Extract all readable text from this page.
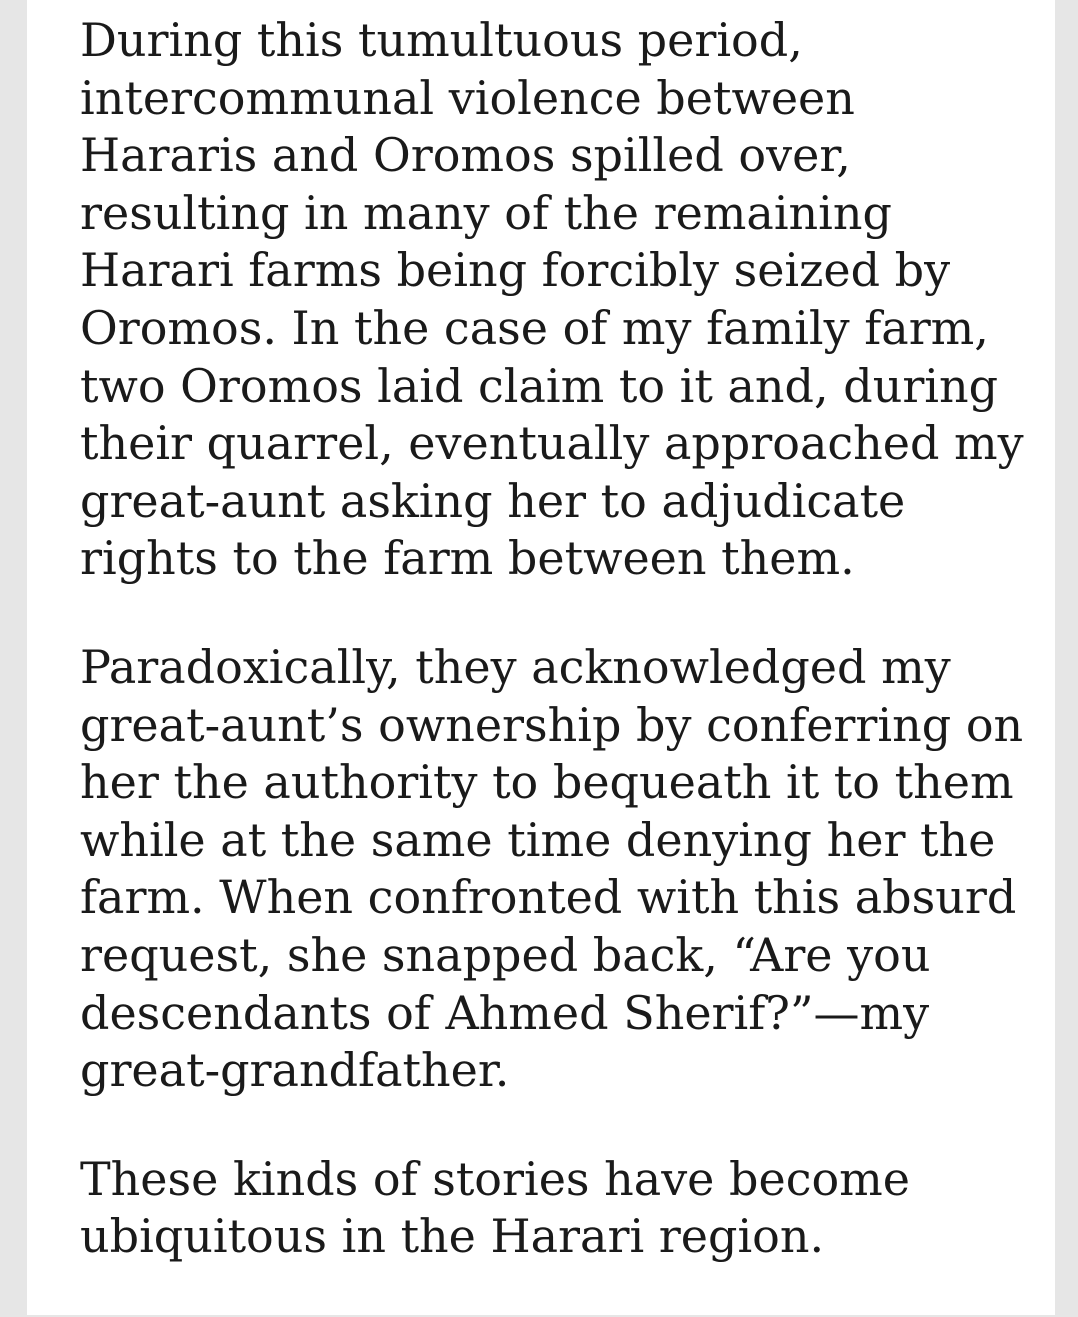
During this tumultuous period,
intercommunal violence between
Hararis and Oromos spilled over,
resulting in many of the remaining
Harari farms being forcibly seized by
Oromos. In the case of my family farm,
two Oromos laid claim to it and, during
their quarrel, eventually approached my
great-aunt asking her to adjudicate
rights to the farm between them.

Paradoxically, they acknowledged my
great-aunt’s ownership by conferring on
her the authority to bequeath it to them
while at the same time denying her the
farm. When confronted with this absurd
request, she snapped back, “Are you
descendants of Ahmed Sherif?”—my
great-grandfather.

These kinds of stories have become
ubiquitous in the Harari region.
